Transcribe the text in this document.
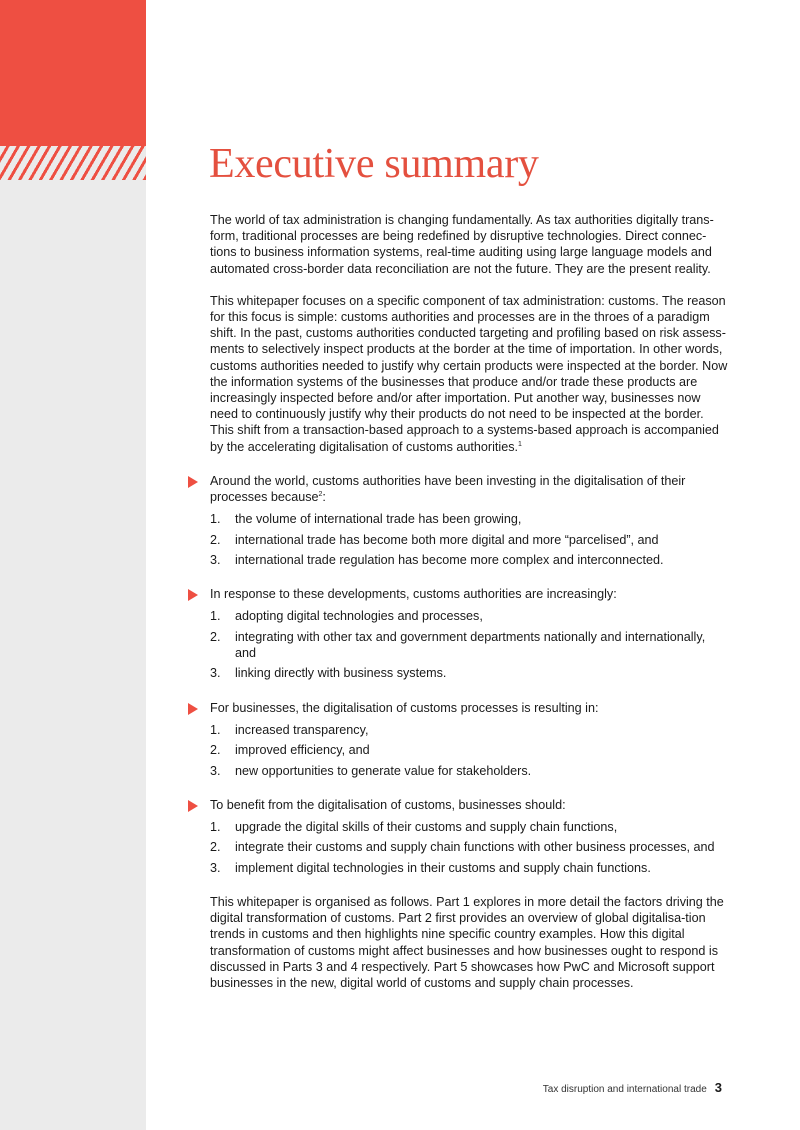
Executive summary

The world of tax administration is changing fundamentally. As tax authorities digitally trans-form, traditional processes are being redefined by disruptive technologies. Direct connec-tions to business information systems, real-time auditing using large language models and automated cross-border data reconciliation are not the future. They are the present reality.

This whitepaper focuses on a specific component of tax administration: customs. The reason for this focus is simple: customs authorities and processes are in the throes of a paradigm shift. In the past, customs authorities conducted targeting and profiling based on risk assess-ments to selectively inspect products at the border at the time of importation. In other words, customs authorities needed to justify why certain products were inspected at the border. Now the information systems of the businesses that produce and/or trade these products are increasingly inspected before and/or after importation. Put another way, businesses now need to continuously justify why their products do not need to be inspected at the border. This shift from a transaction-based approach to a systems-based approach is accompanied by the accelerating digitalisation of customs authorities.$^1$

Around the world, customs authorities have been investing in the digitalisation of their processes because$^2$:
1. the volume of international trade has been growing,
2. international trade has become both more digital and more “parcelised”, and
3. international trade regulation has become more complex and interconnected.
In response to these developments, customs authorities are increasingly:
1. adopting digital technologies and processes,
2. integrating with other tax and government departments nationally and internationally, and
3. linking directly with business systems.
For businesses, the digitalisation of customs processes is resulting in:
1. increased transparency,
2. improved efficiency, and
3. new opportunities to generate value for stakeholders.
To benefit from the digitalisation of customs, businesses should:
1. upgrade the digital skills of their customs and supply chain functions,
2. integrate their customs and supply chain functions with other business processes, and
3. implement digital technologies in their customs and supply chain functions.

This whitepaper is organised as follows. Part 1 explores in more detail the factors driving the digital transformation of customs. Part 2 first provides an overview of global digitalisa-tion trends in customs and then highlights nine specific country examples. How this digital transformation of customs might affect businesses and how businesses ought to respond is discussed in Parts 3 and 4 respectively. Part 5 showcases how PwC and Microsoft support businesses in the new, digital world of customs and supply chain processes.

Tax disruption and international trade 3
